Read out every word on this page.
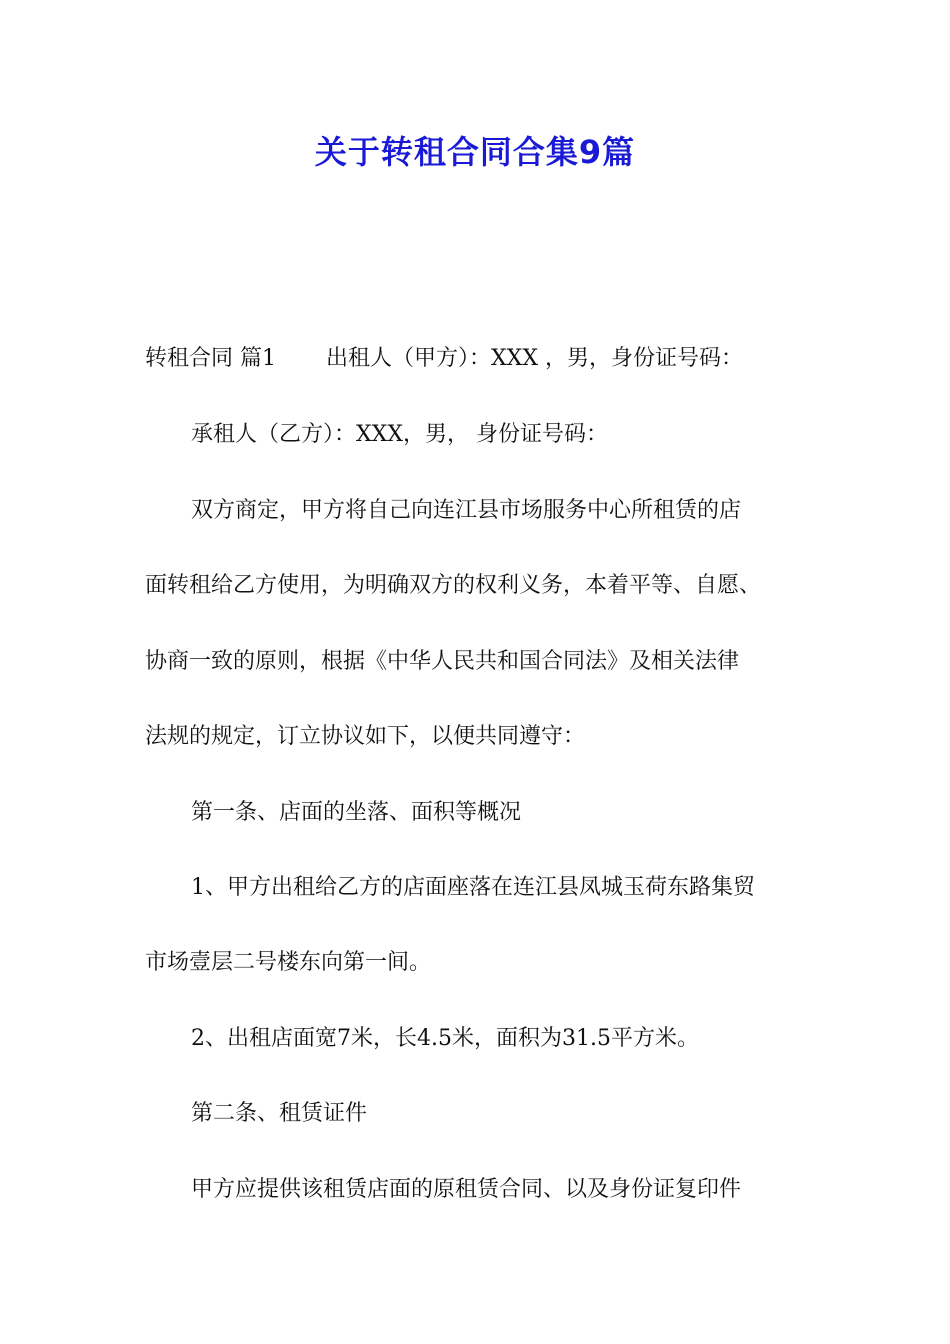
关于转租合同合集9篇

转租合同 篇1 出租人（甲方）：XXX ，男，身份证号码：

承租人（乙方）：XXX，男， 身份证号码：

双方商定，甲方将自己向连江县市场服务中心所租赁的店

面转租给乙方使用，为明确双方的权利义务，本着平等、自愿、

协商一致的原则，根据《中华人民共和国合同法》及相关法律

法规的规定，订立协议如下，以便共同遵守：

第一条、店面的坐落、面积等概况

1、甲方出租给乙方的店面座落在连江县凤城玉荷东路集贸

市场壹层二号楼东向第一间。

2、出租店面宽7米，长4.5米，面积为31.5平方米。

第二条、租赁证件

甲方应提供该租赁店面的原租赁合同、以及身份证复印件
